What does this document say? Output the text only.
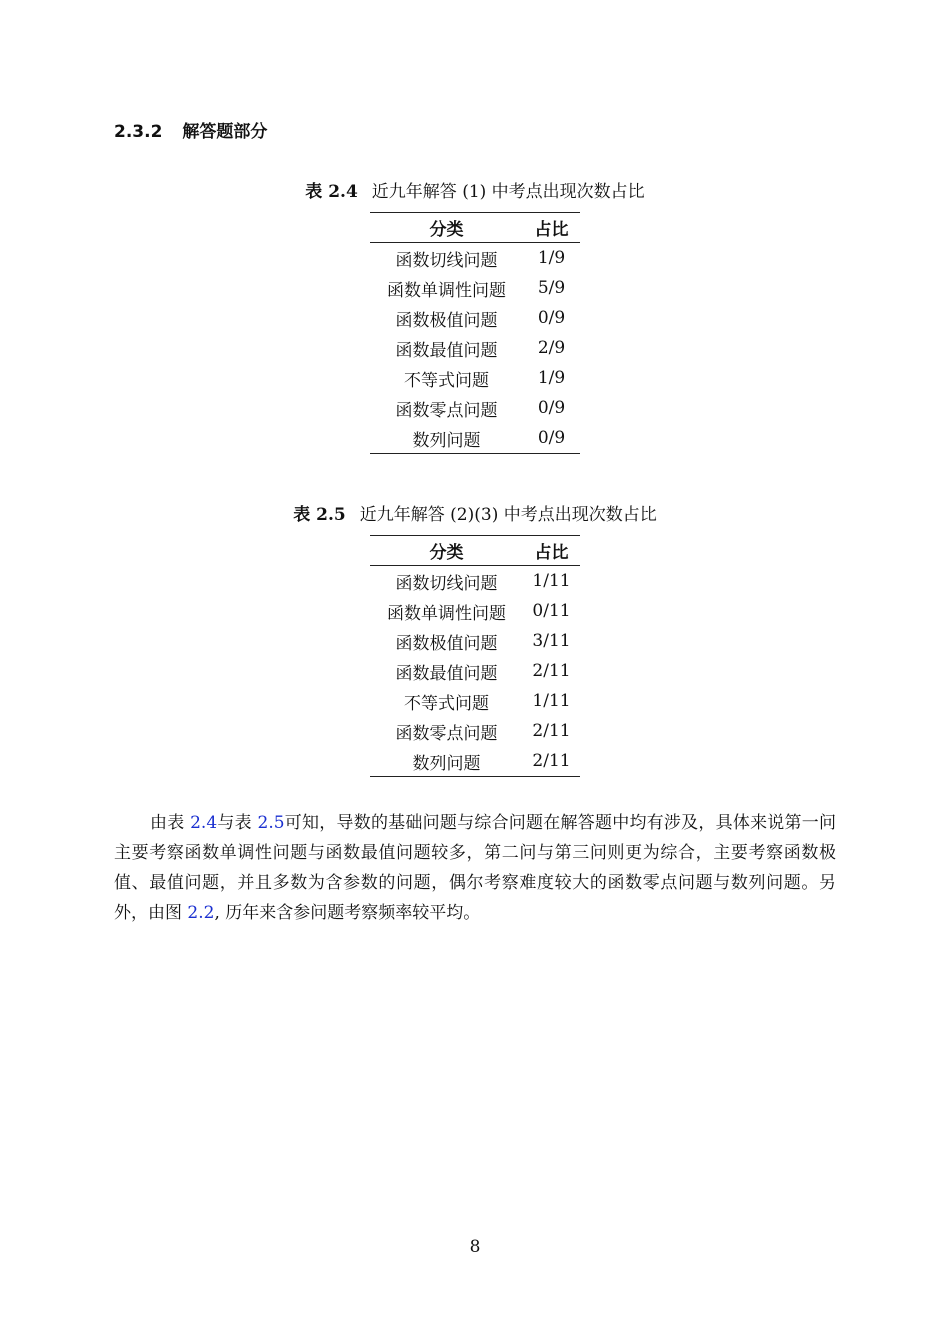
2.3.2 解答题部分
表 2.4 近九年解答 (1) 中考点出现次数占比
分类	占比
函数切线问题	1/9
函数单调性问题	5/9
函数极值问题	0/9
函数最值问题	2/9
不等式问题	1/9
函数零点问题	0/9
数列问题	0/9
表 2.5 近九年解答 (2)(3) 中考点出现次数占比
分类	占比
函数切线问题	1/11
函数单调性问题	0/11
函数极值问题	3/11
函数最值问题	2/11
不等式问题	1/11
函数零点问题	2/11
数列问题	2/11
由表 2.4与表 2.5可知，导数的基础问题与综合问题在解答题中均有涉及，具体来说第一问主要考察函数单调性问题与函数最值问题较多，第二问与第三问则更为综合，主要考察函数极值、最值问题，并且多数为含参数的问题，偶尔考察难度较大的函数零点问题与数列问题。另外，由图 2.2, 历年来含参问题考察频率较平均。
8
